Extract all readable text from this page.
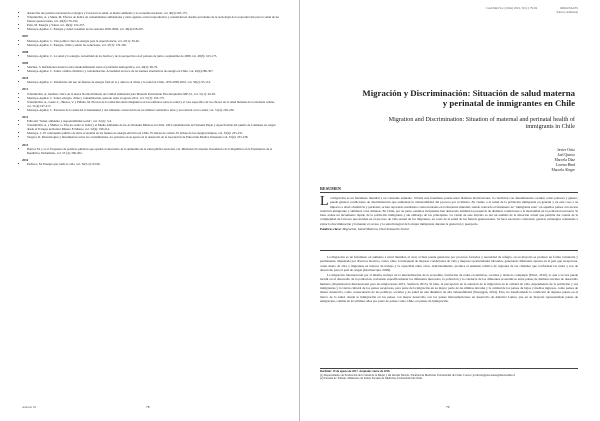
• desarrollar una política nacional de ecológica y favorecer la salud, el medio ambiente y la economía nacional, vol. 46(3):163-175.
• Tchernitchin, A. y Mena, M. Efectos de índice de contaminantes ambientales y entre agentes a nivel reproductivo y sexualidad en desafío prevalente de la tecnología de la reproducción para la salud de las futuras generaciones, vol. 46(3):176-194.
• Polit, M. Energía y Salud, vol. 46(4): 252-257.
• Montoya-Aguilar, C. Energía y salud: resumen de las sesiones 2005-2006, vol. 46(4):258-267.
2007
• Montoya-Aguilar, C. Una política clara de energía para la supervivencia, vol. 47(1): 39-46.
• Montoya-Aguilar, C. Energía, clima y salud: las soluciones, vol. 47(3): 176-190.
2008
• Montoya-Aguilar, C. La salud y la energía. Actualidad de los hechos y de la perspectiva en el período de junio a septiembre de 2008, vol. 48(3): 163-173.
2009
• Sánchez, S. Reflexiones desde la ética medioambiental sobre el problema demográfico, vol. 49(1): 69-79.
• Montoya-Aguilar, C. Salud, cambio climático y contaminación. Actualidad en trece de las fuentes alternativas de energía en Chile, vol. 49(4):280-307.
2010
• Montoya-Aguilar, C. Tendencias del uso de fuentes de energía fósil en la y ashorro al clima y la salud en Chile, 1970-2009-2010, vol. 50(2): 95-114.
2011
• Tchernitchin, A. Análisis crítico de la nueva Norma Primaria de Calidad Ambiental para Material Particulado Fino Respirable MP 2,5, vol. 51(1): 26-28.
• Montoya-Aguilar, C. Salud, energía, clima y contaminación, período entre su agosto 2011, vol. 51(3): 165-175.
• Tchernitchin, A., Gaete, L., Bustos, V. y Piñalla, M. Efectos de la radiación electromagnética en los teléfonos sobre la salud y el caso específico de los efectos en la salud humana de la telefonía celular, vol. 51(4):197-217.
• Montoya-Aguilar, C. Encuesta de la salud del la humanidad y del ambiente: observación de los últimos veinticinco años y en relación con la salud, vol. 51(4): 226-236.
2012
• Editorial "Salud, ambiente y responsabilidad social", vol. 52(1): 3-4.
• Tchernitchin, A. y Muñoz, G. Efectos sobre la Salud y el Medio Ambiente de las Actividades Mineras en Chile: 199 Contaminación del Sistema Pupío y Agua Potable del pueblo de Caimanes en origen desde el Tranque de Relave Minero El Mauro, vol. 52(4): 199-214.
• Montoya, C. El contrapunto público de entre economía de las fuentes de energía eléctrica en Chile. El debate de carbón. El debate de las energías limpias, vol. 52(4): 225-231.
• Vergara, R. Metodologías y lineamientos sobre los contaminantes, los períodos en su aporte en el desarrollo de la Asociación de Educación Medica Venezuela vol. 52(4): 235-238.
2013
• Barrios M. y et al. Propuesta de políticas públicas que ayuden al desarrollo de la antinomia de la salud pública nacional, vol. Ministerio Economía. Presidencia de la República en la Presidencia de la República, Parlamento, vol. 53 (4): 260-262.
2016
• Pacheco, M. Energía que cuida la vida, vol. 56(3-2): 63-66.
Anuario 02	78
Cuad Méd Soc (Chile) 2019, 59 (1): 79-84	ORIGINALES
Salud y Ambiente
Migración y Discriminación: Situación de salud materna y perinatal de inmigrantes en Chile
Migration and Discrimination: Situation of maternal and perinatal health of immigrants in Chile
Javier Ortiz
Jael Quiroz
Marcela Díaz
Lorena Bind
Marcela Alegre
RESUMEN
L a migración es un fenómeno mundial y en constante aumento. Si bien este fenómeno puede tener distintas motivaciones, la condición con determinantes sociales como pobreza y género, puede generar condiciones de discriminación que aumentan la vulnerabilidad del proceso por el mismo. En cuanto a la salud de la población inmigrante en general y en este caso a su impacto a nivel obstetricia y perinatal, se han reportado resultados controversiales en la literatura mundial, siendo relevado el fenómeno de "inmigrante sano" en aquellos países con escasa tradición inmigrante y similares a las chilenas. En Chile, por su parte, estudios incipientes han destacado también la presencia de distintas condiciones a la mortalidad en la población nacional. Si bien, existe un incremento rápido de la población inmigrante y sin embargo de los principales. La visión de este artículo es dar un análisis de la situación actual que permita dar cuenta de la complejidad de factores que inciden en el proceso de vida sexual de los migrantes, en coste de la salud de las futuras generaciones. Se hace necesario contrastar, generar estrategias orientadas a evitar la discriminación y fomentar el acceso y la salud integral de la mujer inmigrante durante la gestación y puerperio.
Palabras clave: Migración, Salud Materna, Discriminación Social

La migración es un fenómeno en aumento a nivel mundial, el cual, si bien puede generarse por procesos forzados y necesidad de refugio, en su mayoría se produce en forma voluntaria y permanente, impulsada por diversos motivos, como, ellos, la búsqueda de mejores condiciones de vida y mejores oportunidades laborales, generando diferentes aportes en el país que recepciona, como mano de obra y migrantes en labores de trabajo y la capacidad entre otros. Adicionalmente, produce el aumento relativo de regiones de las ciudades que conforman las redes y son de desarrollo para el país de origen (Dormescqúa, 2009).

La migración internacional por sí misma, incluye en la internalización de la economía, formación de redes económicas, sociales y técnicas complejas (Ebori, 2010), lo que a su vez puede incidir en el desarrollo de la población, revisando específicamente los diferentes mercados, la población y la conducta de los diferentes económicos entre países de distintos niveles de desarrollo humano (Organización Internacional para las migraciones 2015, Sanfreck 2015). Si bien, la percepción de la atención de la migración en la calidad de vida, dependiendo de la población y sus inmigrantes y la visión cultural de los países receptores, para parte de la migración en su mayor parte de las últimas décadas y la calidad de los países de bajos y medios ingresos, como países de menor desarrollo, como consecuencia de las políticas, sociales y de salud en una dinámica de alta vulnerabilidad (Nazaggan, 2014). Esto, ha transformado la condición de algunos países en el marco de la salud, donde la inmigración en los países con mayor desarrollo con los países latinoamericanos en desarrollo de América Latina, que en su mayoría representaban países de emigración, cambia en los últimos años por parte de países como Chile, en países de inmigración.

Recibido: 19 de agosto de 2017. Aceptado: enero de 2018.
(1) Departamento de Promoción de la Salud de la Mujer y del Recién Nacido. Facultad de Medicina, Universidad de Chile. Correo: jroritz.m@pucosanta@med.uchile.cl
(2) Escuela de Trabajo, Ministerio de Salud, Escuela de Medicina, Universidad de Chile.
79
